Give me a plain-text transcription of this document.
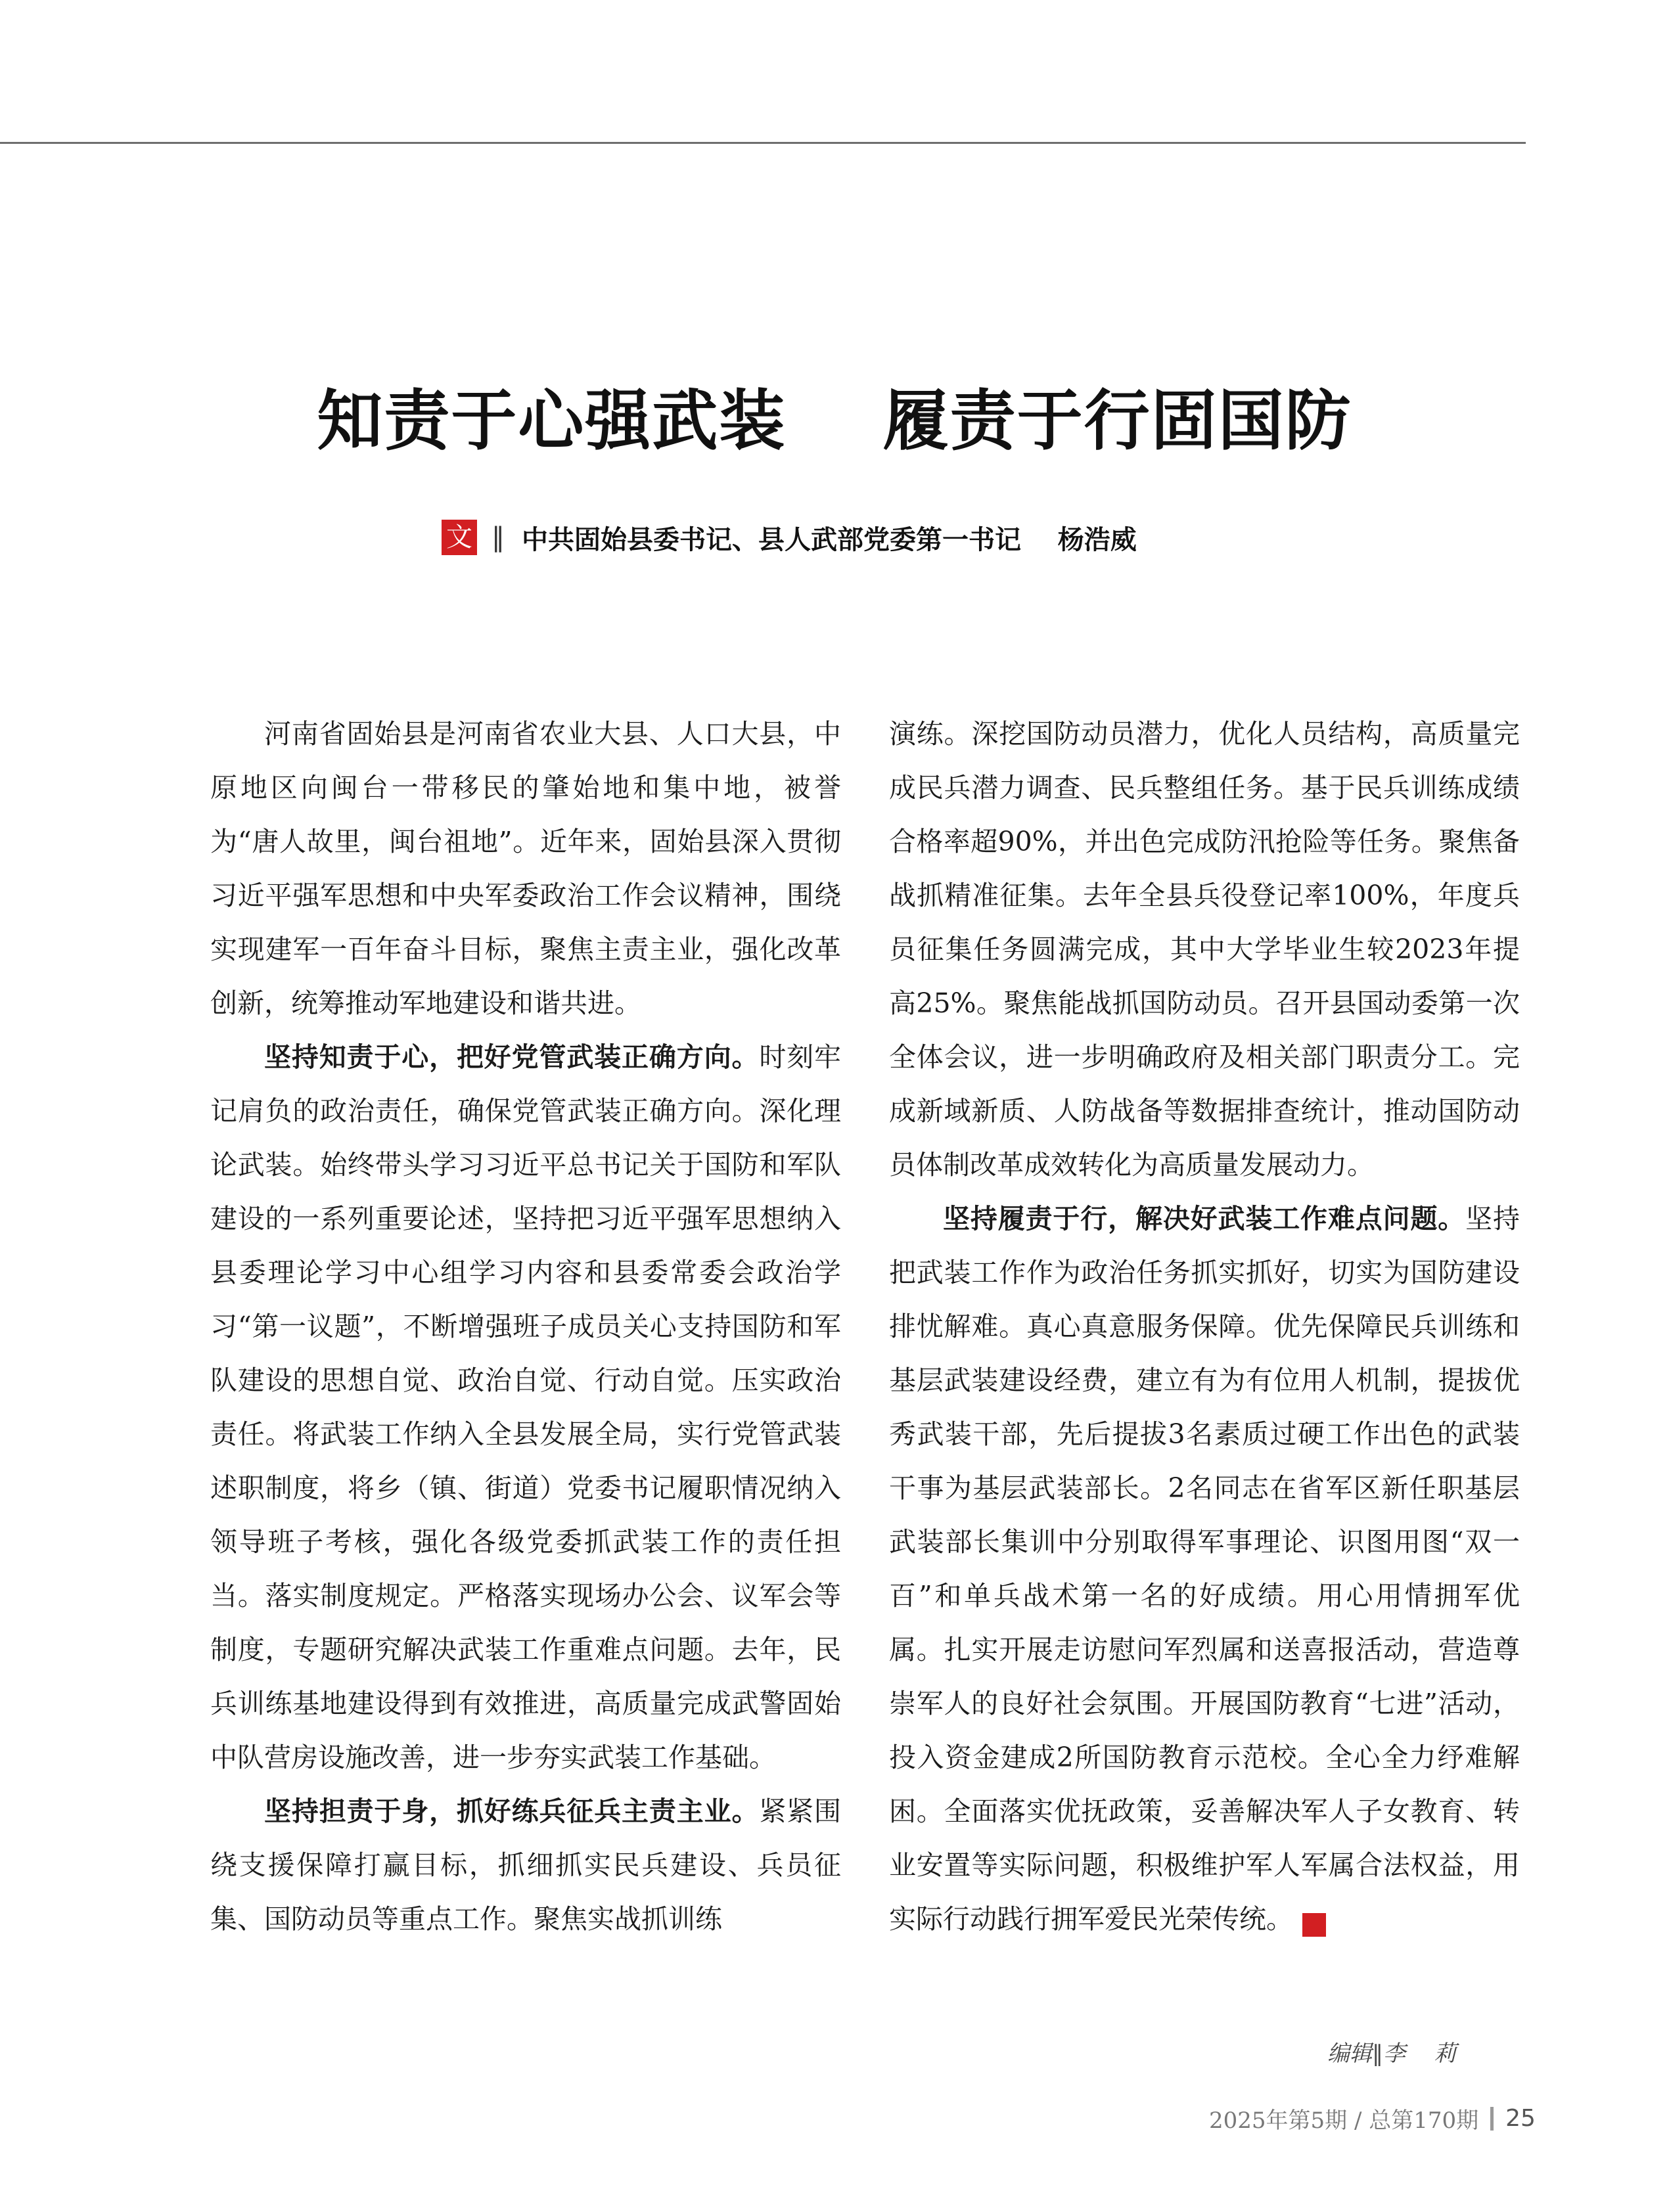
知责于心强武装    履责于行固国防
文 ‖ 中共固始县委书记、县人武部党委第一书记    杨浩威

河南省固始县是河南省农业大县、人口大县，中原地区向闽台一带移民的肇始地和集中地，被誉为“唐人故里，闽台祖地”。近年来，固始县深入贯彻习近平强军思想和中央军委政治工作会议精神，围绕实现建军一百年奋斗目标，聚焦主责主业，强化改革创新，统筹推动军地建设和谐共进。

坚持知责于心，把好党管武装正确方向。时刻牢记肩负的政治责任，确保党管武装正确方向。深化理论武装。始终带头学习习近平总书记关于国防和军队建设的一系列重要论述，坚持把习近平强军思想纳入县委理论学习中心组学习内容和县委常委会政治学习“第一议题”，不断增强班子成员关心支持国防和军队建设的思想自觉、政治自觉、行动自觉。压实政治责任。将武装工作纳入全县发展全局，实行党管武装述职制度，将乡（镇、街道）党委书记履职情况纳入领导班子考核，强化各级党委抓武装工作的责任担当。落实制度规定。严格落实现场办公会、议军会等制度，专题研究解决武装工作重难点问题。去年，民兵训练基地建设得到有效推进，高质量完成武警固始中队营房设施改善，进一步夯实武装工作基础。

坚持担责于身，抓好练兵征兵主责主业。紧紧围绕支援保障打赢目标，抓细抓实民兵建设、兵员征集、国防动员等重点工作。聚焦实战抓训练

演练。深挖国防动员潜力，优化人员结构，高质量完成民兵潜力调查、民兵整组任务。基于民兵训练成绩合格率超90%，并出色完成防汛抢险等任务。聚焦备战抓精准征集。去年全县兵役登记率100%，年度兵员征集任务圆满完成，其中大学毕业生较2023年提高25%。聚焦能战抓国防动员。召开县国动委第一次全体会议，进一步明确政府及相关部门职责分工。完成新域新质、人防战备等数据排查统计，推动国防动员体制改革成效转化为高质量发展动力。

坚持履责于行，解决好武装工作难点问题。坚持把武装工作作为政治任务抓实抓好，切实为国防建设排忧解难。真心真意服务保障。优先保障民兵训练和基层武装建设经费，建立有为有位用人机制，提拔优秀武装干部，先后提拔3名素质过硬工作出色的武装干事为基层武装部长。2名同志在省军区新任职基层武装部长集训中分别取得军事理论、识图用图“双一百”和单兵战术第一名的好成绩。用心用情拥军优属。扎实开展走访慰问军烈属和送喜报活动，营造尊崇军人的良好社会氛围。开展国防教育“七进”活动，投入资金建成2所国防教育示范校。全心全力纾难解困。全面落实优抚政策，妥善解决军人子女教育、转业安置等实际问题，积极维护军人军属合法权益，用实际行动践行拥军爱民光荣传统。	G

编辑‖李    莉
2025年第5期 / 总第170期 25
